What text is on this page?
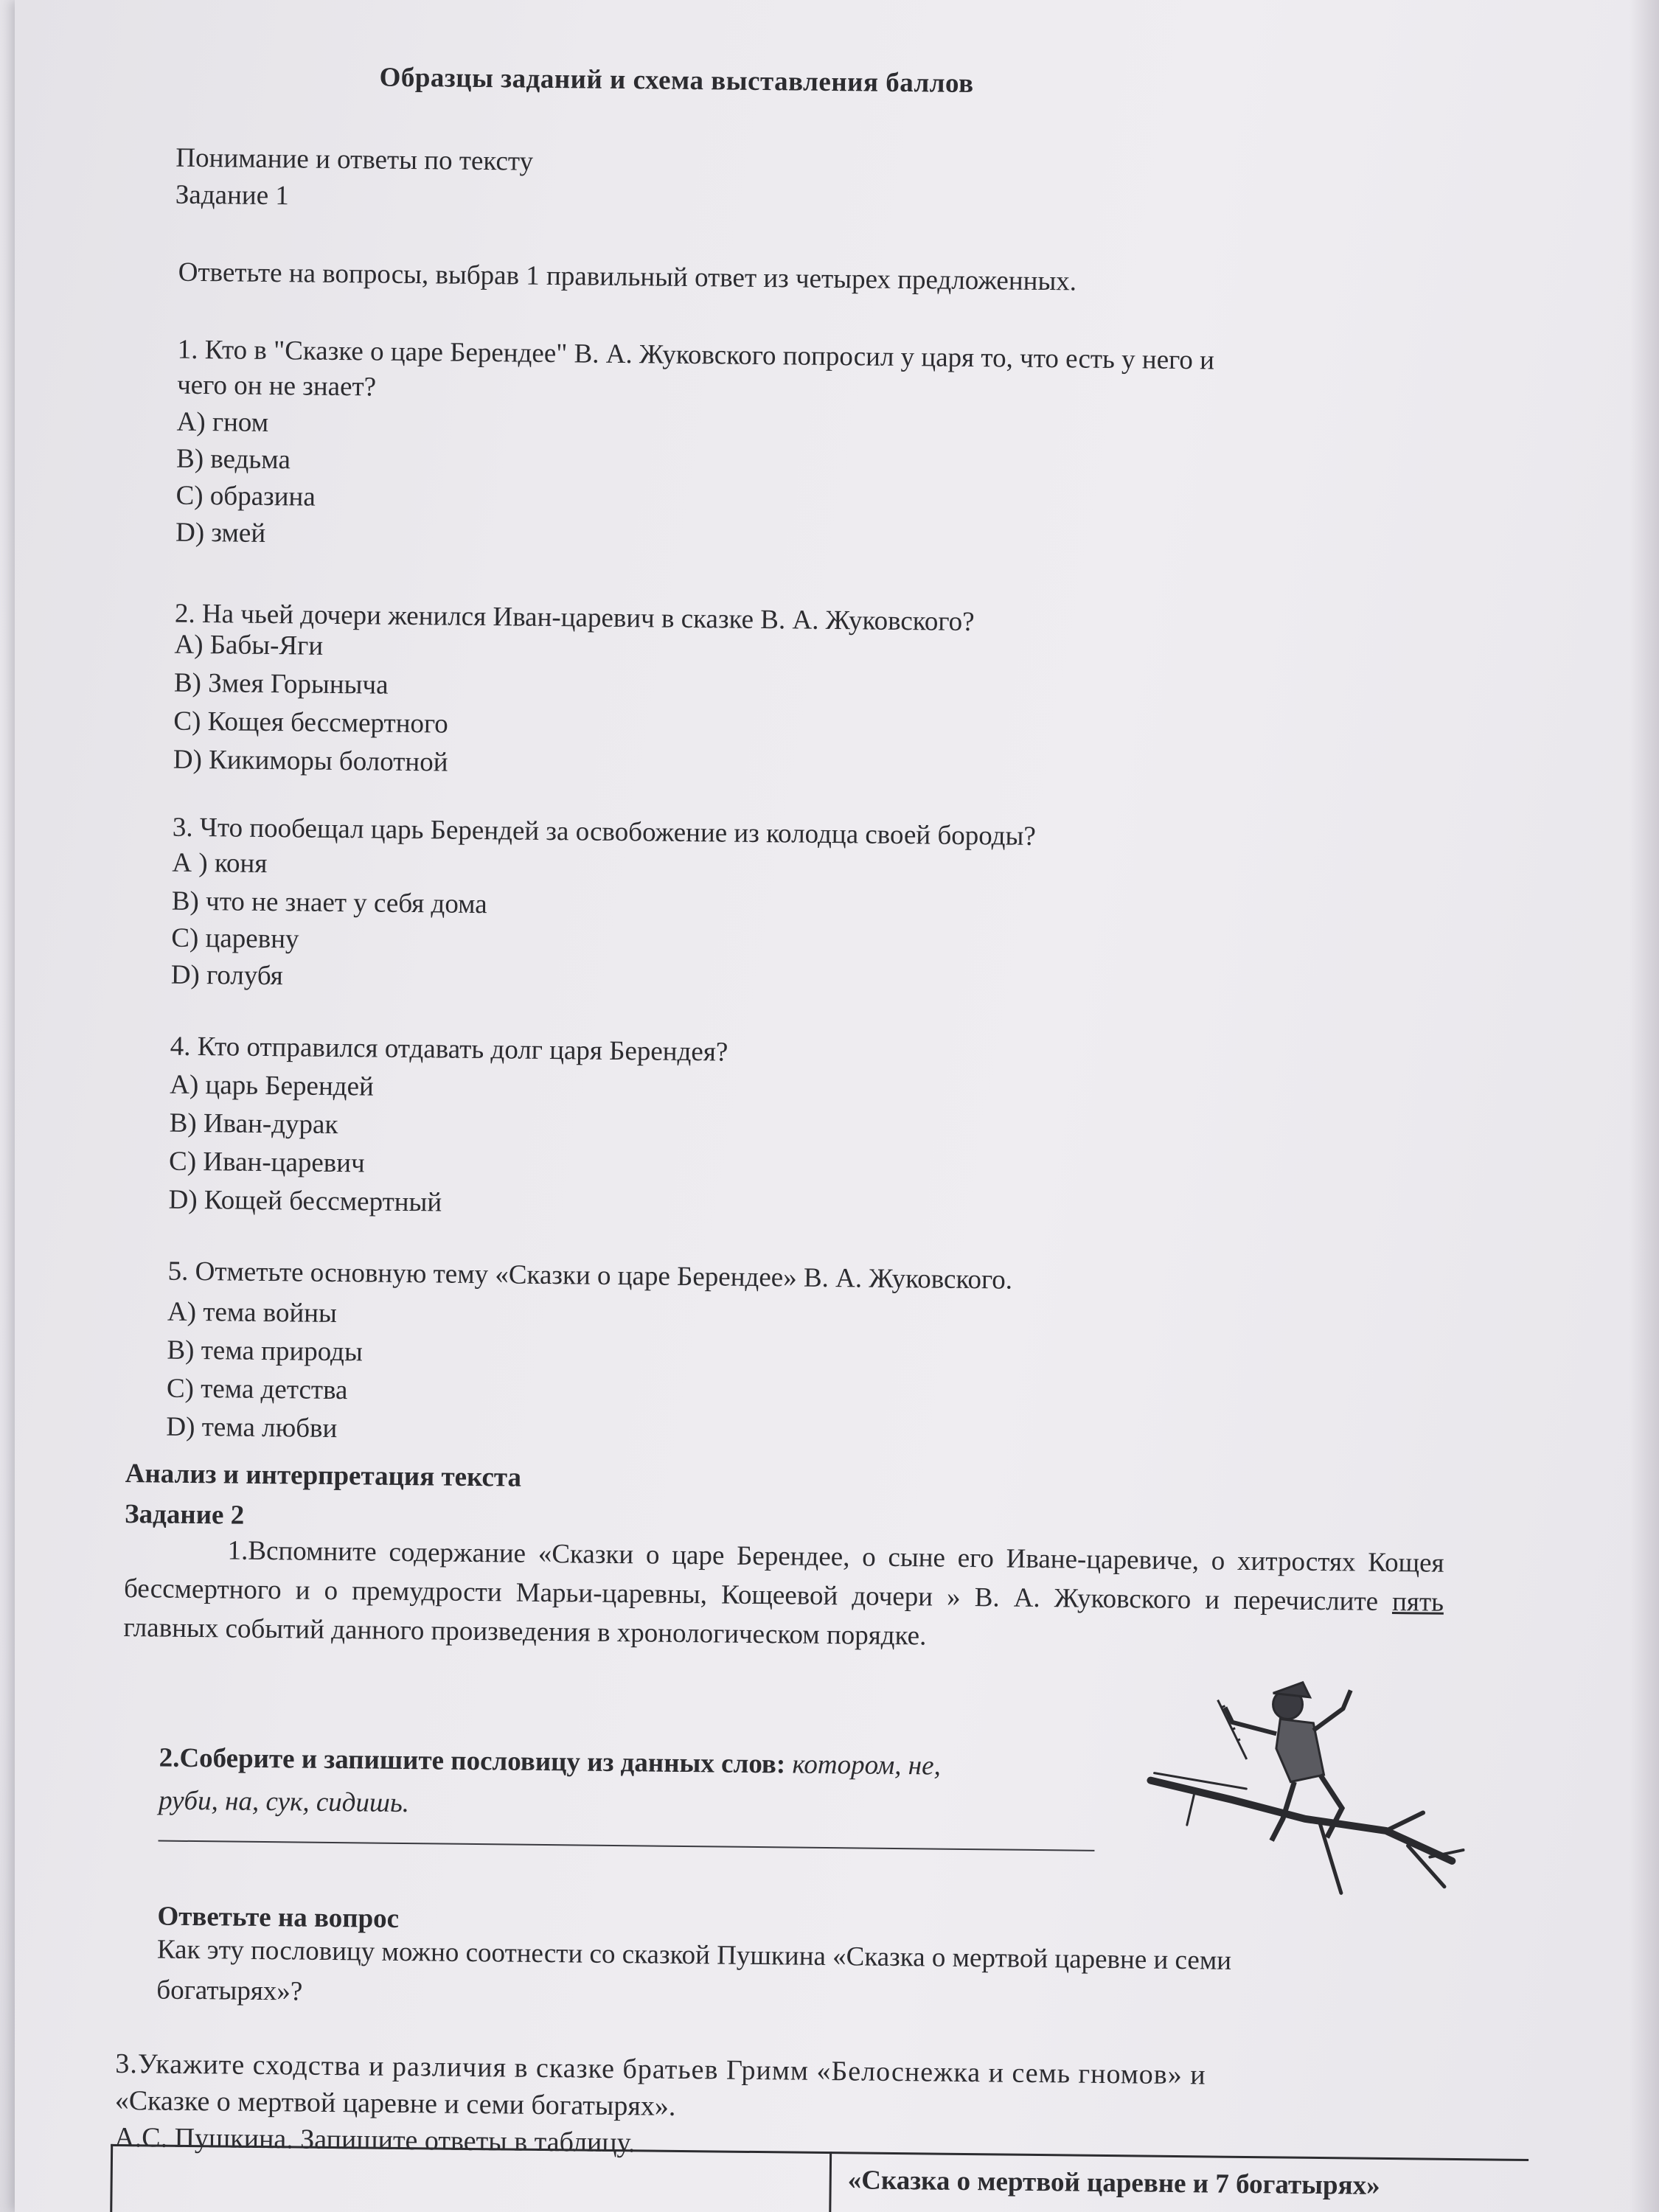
Образцы заданий и схема выставления баллов
Понимание и ответы по тексту
Задание 1
Ответьте на вопросы, выбрав 1 правильный ответ из четырех предложенных.
1. Кто в "Сказке о царе Берендее" В. А. Жуковского попросил у царя то, что есть у него и
чего он не знает?
А) гном
В) ведьма
С) образина
D) змей
2. На чьей дочери женился Иван-царевич в сказке В. А. Жуковского?
А) Бабы-Яги
В) Змея Горыныча
С) Кощея бессмертного
D) Кикиморы болотной
3. Что пообещал царь Берендей за освобожение из колодца своей бороды?
А ) коня
В) что не знает у себя дома
С) царевну
D) голубя
4. Кто отправился отдавать долг царя Берендея?
А) царь Берендей
В) Иван-дурак
С) Иван-царевич
D) Кощей бессмертный
5. Отметьте основную тему «Сказки о царе Берендее» В. А. Жуковского.
А) тема войны
В) тема природы
С) тема детства
D) тема любви
Анализ и интерпретация текста
Задание 2
1.Вспомните содержание «Сказки о царе Берендее, о сыне его Иване-царевиче, о хитростях Кощея бессмертного и о премудрости Марьи-царевны, Кощеевой дочери » В. А. Жуковского и перечислите пять главных событий данного произведения в хронологическом порядке.
2.Соберите и запишите пословицу из данных слов: котором, не,
руби, на, сук, сидишь.
Ответьте на вопрос
Как эту пословицу можно соотнести со сказкой Пушкина «Сказка о мертвой царевне и семи
богатырях»?
3.Укажите сходства и различия в сказке братьев Гримм «Белоснежка и семь гномов» и
«Сказке о мертвой царевне и семи богатырях».
А.С. Пушкина. Запишите ответы в таблицу.
«Сказка о мертвой царевне и 7 богатырях»
